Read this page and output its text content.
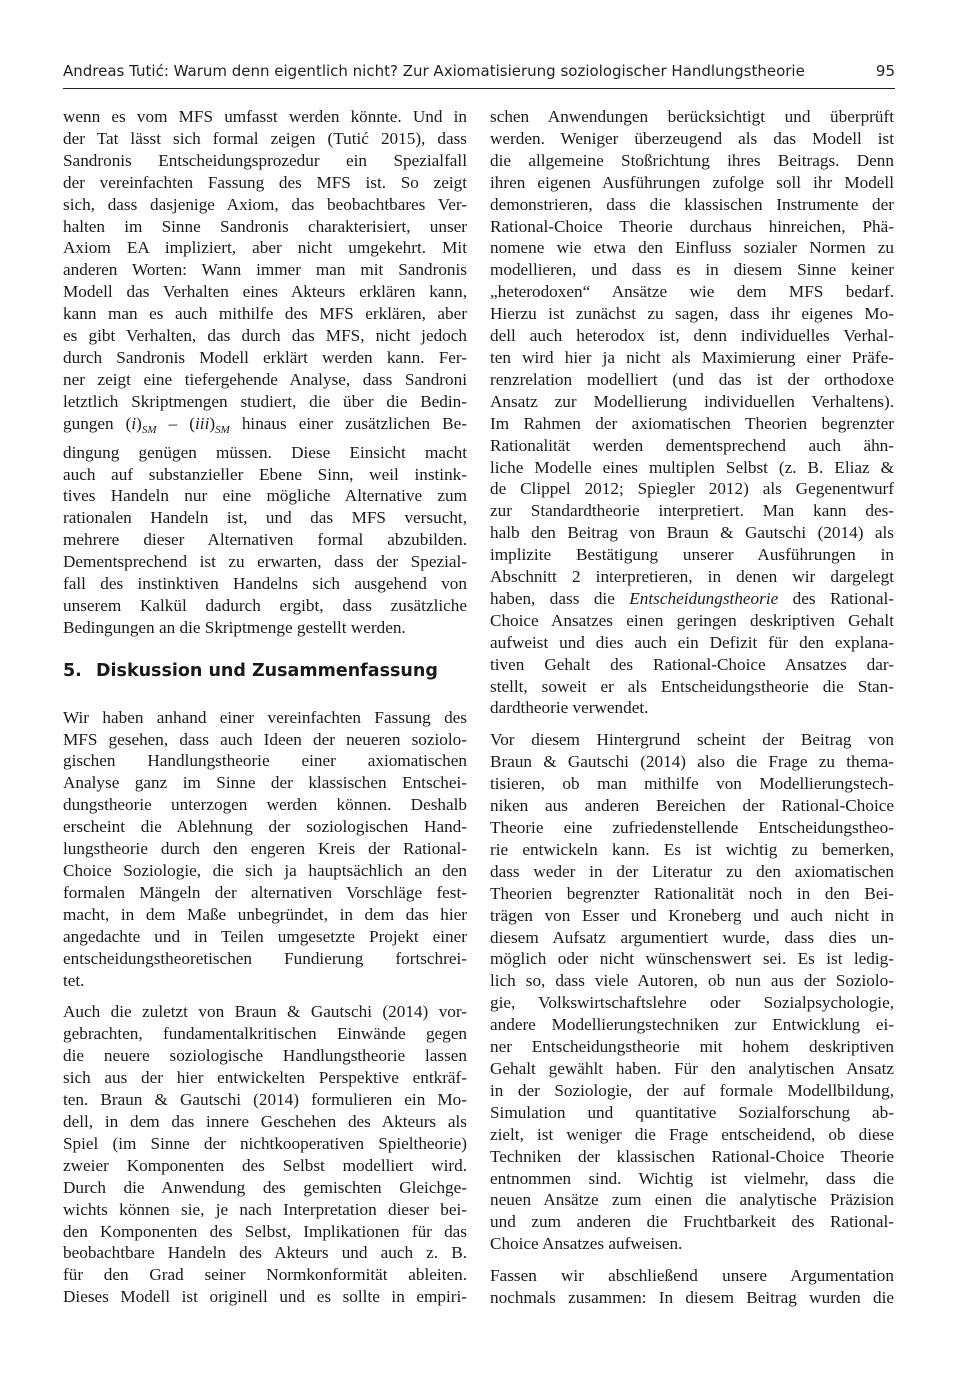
Andreas Tutić: Warum denn eigentlich nicht? Zur Axiomatisierung soziologischer Handlungstheorie	95

wenn es vom MFS umfasst werden könnte. Und in
der Tat lässt sich formal zeigen (Tutić 2015), dass
Sandronis Entscheidungsprozedur ein Spezialfall
der vereinfachten Fassung des MFS ist. So zeigt
sich, dass dasjenige Axiom, das beobachtbares Ver-
halten im Sinne Sandronis charakterisiert, unser
Axiom EA impliziert, aber nicht umgekehrt. Mit
anderen Worten: Wann immer man mit Sandronis
Modell das Verhalten eines Akteurs erklären kann,
kann man es auch mithilfe des MFS erklären, aber
es gibt Verhalten, das durch das MFS, nicht jedoch
durch Sandronis Modell erklärt werden kann. Fer-
ner zeigt eine tiefergehende Analyse, dass Sandroni
letztlich Skriptmengen studiert, die über die Bedin-
gungen $(i)_{SM} - (iii)_{SM}$ hinaus einer zusätzlichen Be-
dingung genügen müssen. Diese Einsicht macht
auch auf substanzieller Ebene Sinn, weil instink-
tives Handeln nur eine mögliche Alternative zum
rationalen Handeln ist, und das MFS versucht,
mehrere dieser Alternativen formal abzubilden.
Dementsprechend ist zu erwarten, dass der Spezial-
fall des instinktiven Handelns sich ausgehend von
unserem Kalkül dadurch ergibt, dass zusätzliche
Bedingungen an die Skriptmenge gestellt werden.

5. Diskussion und Zusammenfassung

Wir haben anhand einer vereinfachten Fassung des
MFS gesehen, dass auch Ideen der neueren soziolo-
gischen Handlungstheorie einer axiomatischen
Analyse ganz im Sinne der klassischen Entschei-
dungstheorie unterzogen werden können. Deshalb
erscheint die Ablehnung der soziologischen Hand-
lungstheorie durch den engeren Kreis der Rational-
Choice Soziologie, die sich ja hauptsächlich an den
formalen Mängeln der alternativen Vorschläge fest-
macht, in dem Maße unbegründet, in dem das hier
angedachte und in Teilen umgesetzte Projekt einer
entscheidungstheoretischen Fundierung fortschrei-
tet.

Auch die zuletzt von Braun & Gautschi (2014) vor-
gebrachten, fundamentalkritischen Einwände gegen
die neuere soziologische Handlungstheorie lassen
sich aus der hier entwickelten Perspektive entkräf-
ten. Braun & Gautschi (2014) formulieren ein Mo-
dell, in dem das innere Geschehen des Akteurs als
Spiel (im Sinne der nichtkooperativen Spieltheorie)
zweier Komponenten des Selbst modelliert wird.
Durch die Anwendung des gemischten Gleichge-
wichts können sie, je nach Interpretation dieser bei-
den Komponenten des Selbst, Implikationen für das
beobachtbare Handeln des Akteurs und auch z. B.
für den Grad seiner Normkonformität ableiten.
Dieses Modell ist originell und es sollte in empiri-

schen Anwendungen berücksichtigt und überprüft
werden. Weniger überzeugend als das Modell ist
die allgemeine Stoßrichtung ihres Beitrags. Denn
ihren eigenen Ausführungen zufolge soll ihr Modell
demonstrieren, dass die klassischen Instrumente der
Rational-Choice Theorie durchaus hinreichen, Phä-
nomene wie etwa den Einfluss sozialer Normen zu
modellieren, und dass es in diesem Sinne keiner
„heterodoxen“ Ansätze wie dem MFS bedarf.
Hierzu ist zunächst zu sagen, dass ihr eigenes Mo-
dell auch heterodox ist, denn individuelles Verhal-
ten wird hier ja nicht als Maximierung einer Präfe-
renzrelation modelliert (und das ist der orthodoxe
Ansatz zur Modellierung individuellen Verhaltens).
Im Rahmen der axiomatischen Theorien begrenzter
Rationalität werden dementsprechend auch ähn-
liche Modelle eines multiplen Selbst (z. B. Eliaz &
de Clippel 2012; Spiegler 2012) als Gegenentwurf
zur Standardtheorie interpretiert. Man kann des-
halb den Beitrag von Braun & Gautschi (2014) als
implizite Bestätigung unserer Ausführungen in
Abschnitt 2 interpretieren, in denen wir dargelegt
haben, dass die Entscheidungstheorie des Rational-
Choice Ansatzes einen geringen deskriptiven Gehalt
aufweist und dies auch ein Defizit für den explana-
tiven Gehalt des Rational-Choice Ansatzes dar-
stellt, soweit er als Entscheidungstheorie die Stan-
dardtheorie verwendet.

Vor diesem Hintergrund scheint der Beitrag von
Braun & Gautschi (2014) also die Frage zu thema-
tisieren, ob man mithilfe von Modellierungstech-
niken aus anderen Bereichen der Rational-Choice
Theorie eine zufriedenstellende Entscheidungstheo-
rie entwickeln kann. Es ist wichtig zu bemerken,
dass weder in der Literatur zu den axiomatischen
Theorien begrenzter Rationalität noch in den Bei-
trägen von Esser und Kroneberg und auch nicht in
diesem Aufsatz argumentiert wurde, dass dies un-
möglich oder nicht wünschenswert sei. Es ist ledig-
lich so, dass viele Autoren, ob nun aus der Soziolo-
gie, Volkswirtschaftslehre oder Sozialpsychologie,
andere Modellierungstechniken zur Entwicklung ei-
ner Entscheidungstheorie mit hohem deskriptiven
Gehalt gewählt haben. Für den analytischen Ansatz
in der Soziologie, der auf formale Modellbildung,
Simulation und quantitative Sozialforschung ab-
zielt, ist weniger die Frage entscheidend, ob diese
Techniken der klassischen Rational-Choice Theorie
entnommen sind. Wichtig ist vielmehr, dass die
neuen Ansätze zum einen die analytische Präzision
und zum anderen die Fruchtbarkeit des Rational-
Choice Ansatzes aufweisen.

Fassen wir abschließend unsere Argumentation
nochmals zusammen: In diesem Beitrag wurden die
